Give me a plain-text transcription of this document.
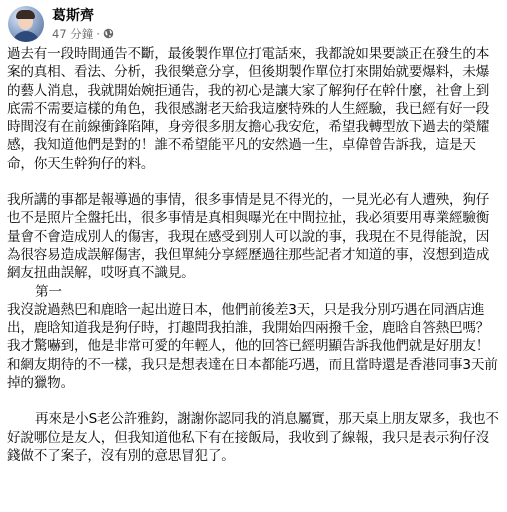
葛斯齊
47 分鐘 ·

過去有一段時間通告不斷，最後製作單位打電話來，我都說如果要談正在發生的本案的真相、看法、分析，我很樂意分享，但後期製作單位打來開始就要爆料，未爆的藝人消息，我就開始婉拒通告，我的初心是讓大家了解狗仔在幹什麼，社會上到底需不需要這樣的角色，我很感謝老天給我這麼特殊的人生經驗，我已經有好一段時間沒有在前線衝鋒陷陣，身旁很多朋友擔心我安危，希望我轉型放下過去的榮耀感，我知道他們是對的！誰不希望能平凡的安然過一生，卓偉曾告訴我，這是天命，你天生幹狗仔的料。

我所講的事都是報導過的事情，很多事情是見不得光的，一見光必有人遭殃，狗仔也不是照片全盤托出，很多事情是真相與曝光在中間拉扯，我必須要用專業經驗衡量會不會造成別人的傷害，我現在感受到別人可以說的事，我現在不見得能說，因為很容易造成誤解傷害，我但單純分享經歷過往那些記者才知道的事，沒想到造成網友扭曲誤解，哎呀真不識見。

第一

我沒說過熱巴和鹿晗一起出遊日本，他們前後差3天，只是我分別巧遇在同酒店進出，鹿晗知道我是狗仔時，打趣問我拍誰，我開始四兩撥千金，鹿晗自答熱巴嗎？我才驚嚇到，他是非常可愛的年輕人，他的回答已經明顯告訴我他們就是好朋友！和網友期待的不一樣，我只是想表達在日本都能巧遇，而且當時還是香港同事3天前掉的獵物。

再來是小S老公許雅鈞，謝謝你認同我的消息屬實，那天桌上朋友眾多，我也不好說哪位是友人，但我知道他私下有在接飯局，我收到了線報，我只是表示狗仔沒錢做不了案子，沒有別的意思冒犯了。
